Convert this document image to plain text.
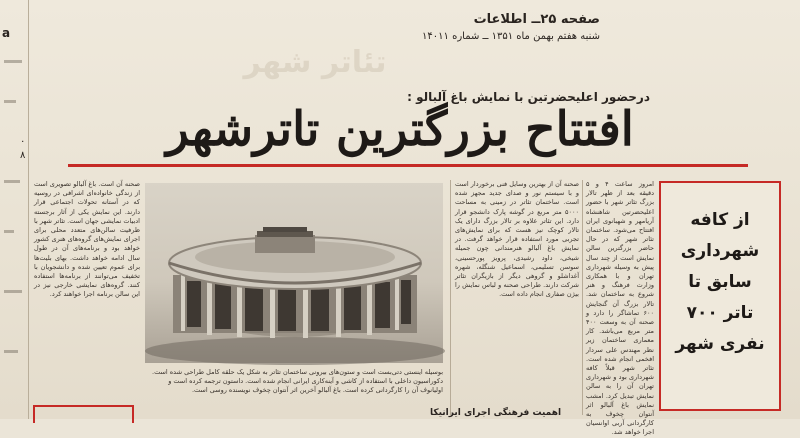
a
۰
۸
صفحه ۲۵ــ اطلاعات
شنبه هفتم بهمن ماه ۱۳۵۱ ــ شماره ۱۴۰۱۱
تئاتر شهر
درحضور اعلیحضرتین با نمایش باغ آلبالو :
افتتاح بزرگترین تاترشهر
امروز ساعت ۴ و ۵ دقیقه بعد از ظهر تالار بزرگ تئاتر شهر با حضور اعلیحضرتین شاهنشاه آریامهر و شهبانوی ایران افتتاح می‌شود. ساختمان تئاتر شهر که در حال حاضر بزرگترین سالن نمایش است از چند سال پیش به وسیله شهرداری تهران و با همکاری وزارت فرهنگ و هنر شروع به ساختمان شد. تالار بزرگ آن گنجایش ۶۰۰ تماشاگر را دارد و صحنه آن به وسعت ۴۰۰ متر مربع می‌باشد. کار معماری ساختمان زیر نظر مهندس علی سردار افخمی انجام شده است. تئاتر شهر قبلاً کافه شهرداری بود و شهرداری تهران آن را به سالن نمایش تبدیل کرد. امشب نمایش باغ آلبالو اثر آنتوان چخوف به کارگردانی آربی اوانسیان اجرا خواهد شد.
صحنه آن از بهترین وسایل فنی برخوردار است و با سیستم نور و صدای جدید مجهز شده است. ساختمان تئاتر در زمینی به مساحت ۵۰۰۰ متر مربع در گوشه پارک دانشجو قرار دارد. این تئاتر علاوه بر تالار بزرگ دارای یک تالار کوچک نیز هست که برای نمایش‌های تجربی مورد استفاده قرار خواهد گرفت. در نمایش باغ آلبالو هنرمندانی چون جمیله شیخی، داود رشیدی، پرویز پورحسینی، سوسن تسلیمی، اسماعیل شنگله، شهره آغداشلو و گروهی دیگر از بازیگران تئاتر شرکت دارند. طراحی صحنه و لباس نمایش را بیژن صفاری انجام داده است.
صحنه آن است. باغ آلبالو تصویری است از زندگی خانواده‌ای اشرافی در روسیه که در آستانه تحولات اجتماعی قرار دارند. این نمایش یکی از آثار برجسته ادبیات نمایشی جهان است. تئاتر شهر با ظرفیت سالن‌های متعدد محلی برای اجرای نمایش‌های گروه‌های هنری کشور خواهد بود و برنامه‌های آن در طول سال ادامه خواهد داشت. بهای بلیت‌ها برای عموم تعیین شده و دانشجویان با تخفیف می‌توانند از برنامه‌ها استفاده کنند. گروه‌های نمایشی خارجی نیز در این سالن برنامه اجرا خواهند کرد.
بوسیله اینستی دتی‌بست است و ستون‌های بیرونی ساختمان تئاتر به شکل یک حلقه کامل طراحی شده است. دکوراسیون داخلی با استفاده از کاشی و آینه‌کاری ایرانی انجام شده است. داستون ترجمه کرده است و اولیانوف آن را کارگردانی کرده است. باغ آلبالو آخرین اثر آنتوان چخوف نویسنده روسی است.
از کافه
شهرداری
سابق تا
تاتر ۷۰۰
نفری شهر
اهمیت فرهنگی اجرای ایرانیکا
